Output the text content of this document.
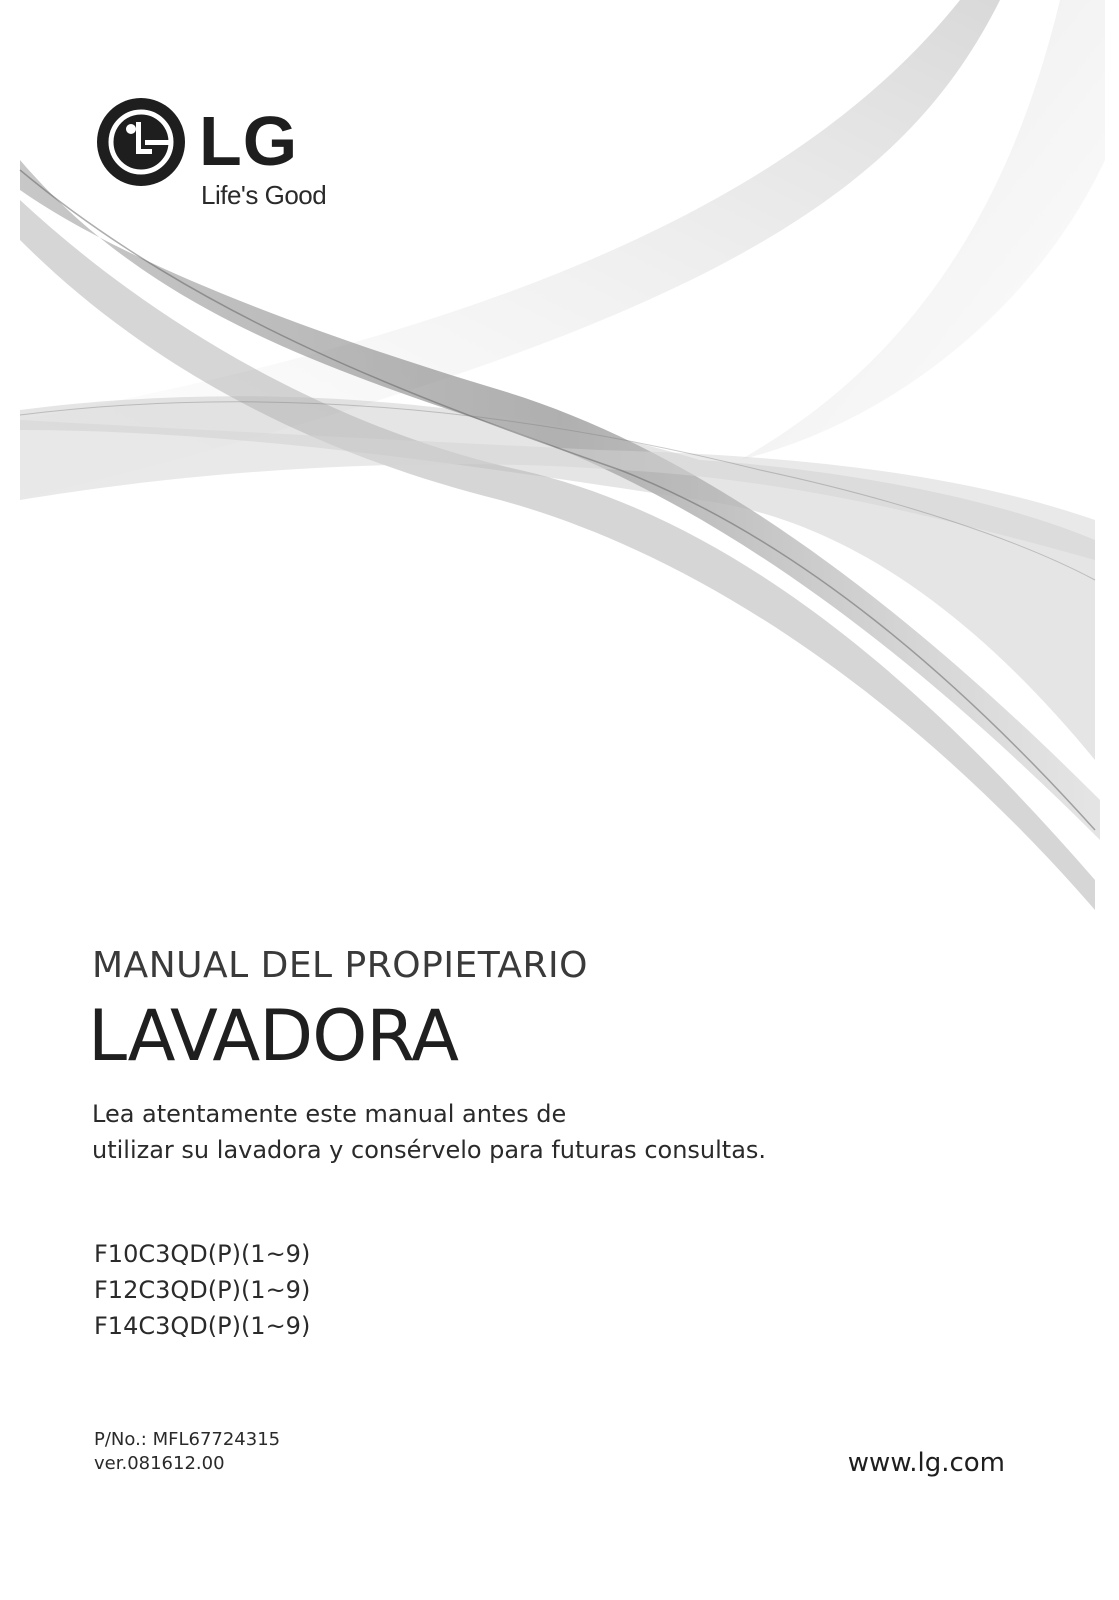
LG
Life's Good
MANUAL DEL PROPIETARIO
LAVADORA
Lea atentamente este manual antes de
utilizar su lavadora y consérvelo para futuras consultas.
F10C3QD(P)(1~9)
F12C3QD(P)(1~9)
F14C3QD(P)(1~9)
P/No.: MFL67724315
ver.081612.00	www.lg.com
